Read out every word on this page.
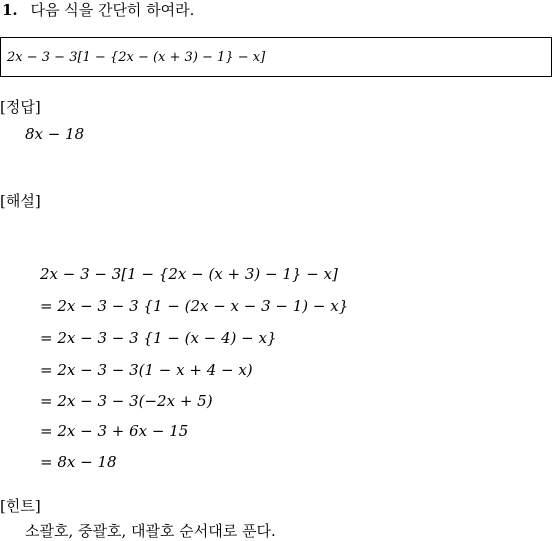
1. 다음 식을 간단히 하여라.
2x − 3 − 3[1 − {2x − (x + 3) − 1} − x]
[정답]
8x − 18
[해설]
2x − 3 − 3[1 − {2x − (x + 3) − 1} − x]
= 2x − 3 − 3 {1 − (2x − x − 3 − 1) − x}
= 2x − 3 − 3 {1 − (x − 4) − x}
= 2x − 3 − 3(1 − x + 4 − x)
= 2x − 3 − 3(−2x + 5)
= 2x − 3 + 6x − 15
= 8x − 18
[힌트]
소괄호, 중괄호, 대괄호 순서대로 푼다.
